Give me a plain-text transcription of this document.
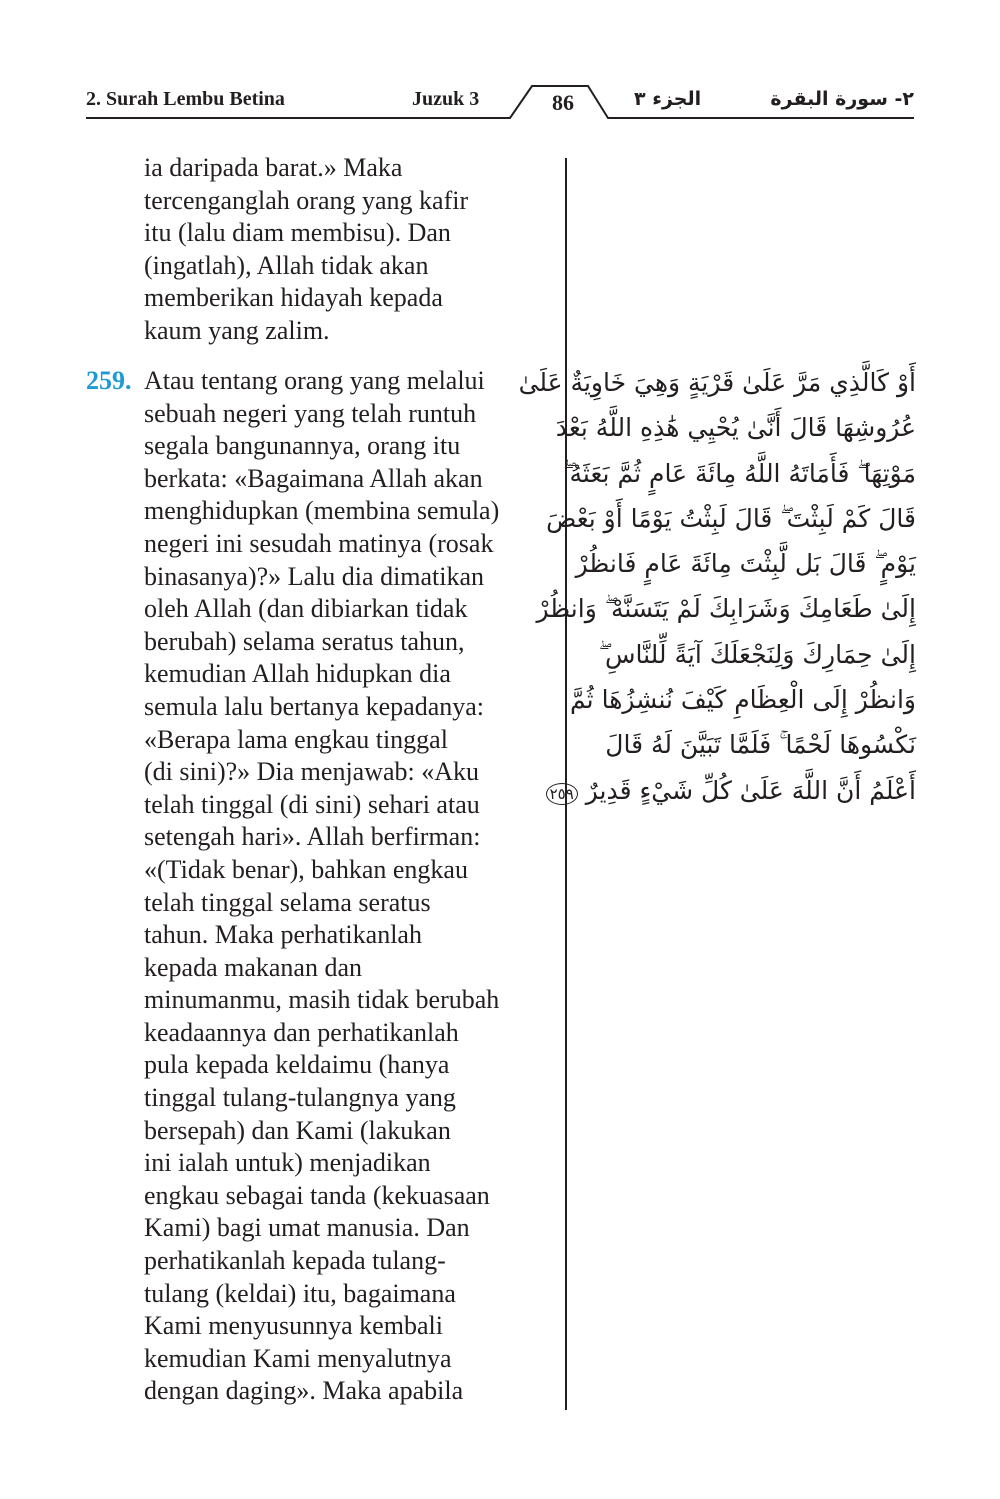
2. Surah Lembu Betina	Juzuk 3	86	الجزء ٣	٢- سورة البقرة
ia daripada barat.» Maka
tercenganglah orang yang kafir
itu (lalu diam membisu). Dan
(ingatlah), Allah tidak akan
memberikan hidayah kepada
kaum yang zalim.
259. Atau tentang orang yang melalui
sebuah negeri yang telah runtuh
segala bangunannya, orang itu
berkata: «Bagaimana Allah akan
menghidupkan (membina semula)
negeri ini sesudah matinya (rosak
binasanya)?» Lalu dia dimatikan
oleh Allah (dan dibiarkan tidak
berubah) selama seratus tahun,
kemudian Allah hidupkan dia
semula lalu bertanya kepadanya:
«Berapa lama engkau tinggal
(di sini)?» Dia menjawab: «Aku
telah tinggal (di sini) sehari atau
setengah hari». Allah berfirman:
«(Tidak benar), bahkan engkau
telah tinggal selama seratus
tahun. Maka perhatikanlah
kepada makanan dan
minumanmu, masih tidak berubah
keadaannya dan perhatikanlah
pula kepada keldaimu (hanya
tinggal tulang-tulangnya yang
bersepah) dan Kami (lakukan
ini ialah untuk) menjadikan
engkau sebagai tanda (kekuasaan
Kami) bagi umat manusia. Dan
perhatikanlah kepada tulang-
tulang (keldai) itu, bagaimana
Kami menyusunnya kembali
kemudian Kami menyalutnya
dengan daging». Maka apabila
أَوْ كَالَّذِي مَرَّ عَلَىٰ قَرْيَةٍ وَهِيَ خَاوِيَةٌ عَلَىٰ
عُرُوشِهَا قَالَ أَنَّىٰ يُحْيِي هَٰذِهِ اللَّهُ بَعْدَ
مَوْتِهَا ۖ فَأَمَاتَهُ اللَّهُ مِائَةَ عَامٍ ثُمَّ بَعَثَهُ ۖ
قَالَ كَمْ لَبِثْتَ ۖ قَالَ لَبِثْتُ يَوْمًا أَوْ بَعْضَ
يَوْمٍ ۖ قَالَ بَل لَّبِثْتَ مِائَةَ عَامٍ فَانظُرْ
إِلَىٰ طَعَامِكَ وَشَرَابِكَ لَمْ يَتَسَنَّهْ ۖ وَانظُرْ
إِلَىٰ حِمَارِكَ وَلِنَجْعَلَكَ آيَةً لِّلنَّاسِ ۖ
وَانظُرْ إِلَى الْعِظَامِ كَيْفَ نُنشِزُهَا ثُمَّ
نَكْسُوهَا لَحْمًا ۚ فَلَمَّا تَبَيَّنَ لَهُ قَالَ
أَعْلَمُ أَنَّ اللَّهَ عَلَىٰ كُلِّ شَيْءٍ قَدِيرٌ ٢٥٩
